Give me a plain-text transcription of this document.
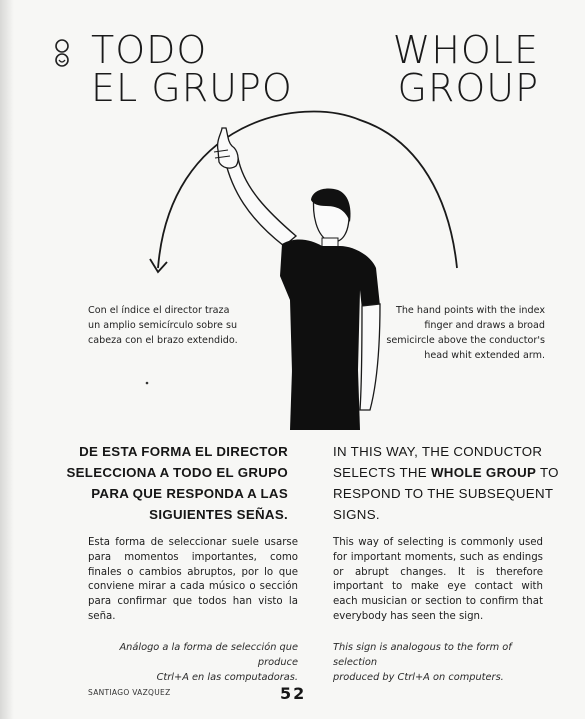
TODO
EL GRUPO
WHOLE
GROUP
Con el índice el director traza
un amplio semicírculo sobre su
cabeza con el brazo extendido.
The hand points with the index
finger and draws a broad
semicircle above the conductor's
head whit extended arm.
DE ESTA FORMA EL DIRECTOR
SELECCIONA A TODO EL GRUPO
PARA QUE RESPONDA A LAS
SIGUIENTES SEÑAS.
IN THIS WAY, THE CONDUCTOR
SELECTS THE WHOLE GROUP TO
RESPOND TO THE SUBSEQUENT
SIGNS.
Esta forma de seleccionar suele usarse para momentos importantes, como finales o cambios abruptos, por lo que conviene mirar a cada músico o sección para confirmar que todos han visto la seña.
This way of selecting is commonly used for important moments, such as endings or abrupt changes. It is therefore important to make eye contact with each musician or section to confirm that everybody has seen the sign.
Análogo a la forma de selección que produce
Ctrl+A en las computadoras.
This sign is analogous to the form of selection
produced by Ctrl+A on computers.
SANTIAGO VAZQUEZ	52
